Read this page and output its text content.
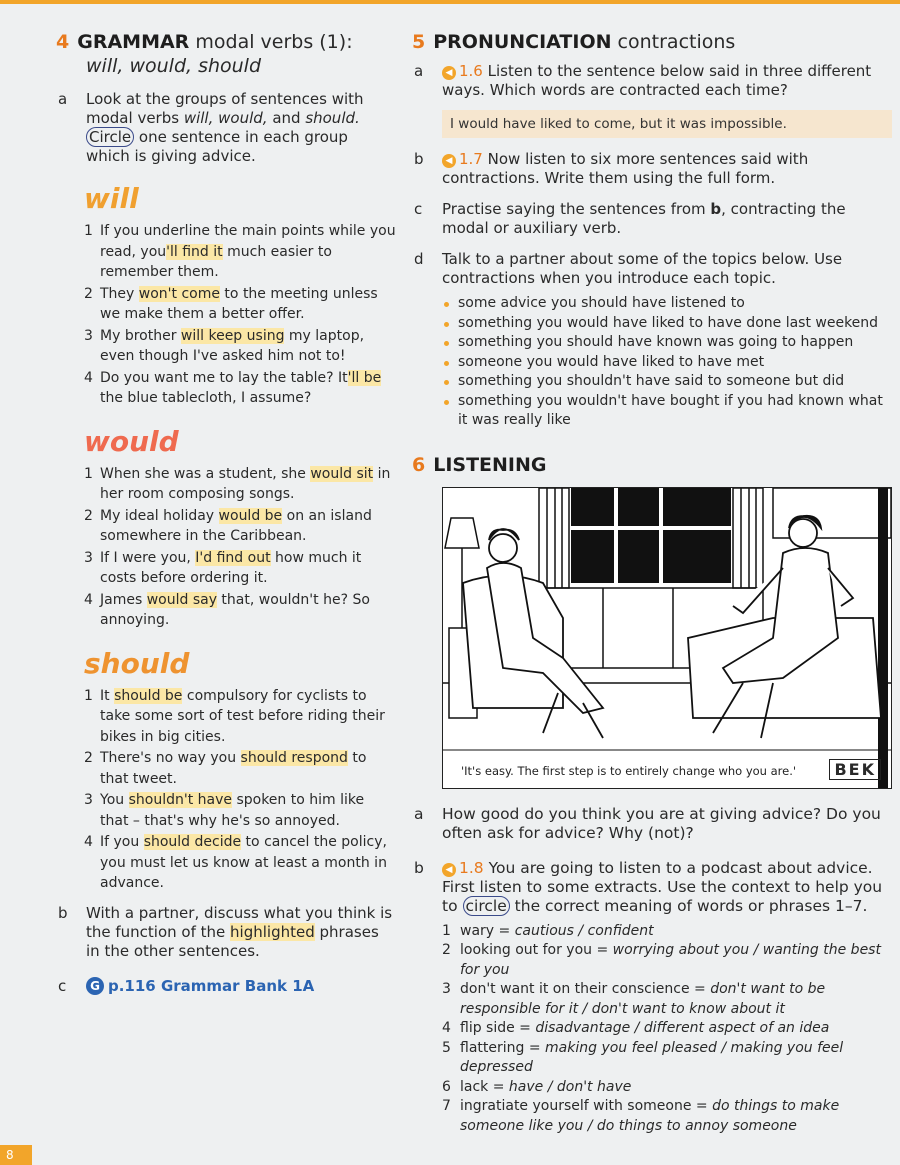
4 GRAMMAR modal verbs (1):
will, would, should
a Look at the groups of sentences with modal verbs will, would, and should. Circle one sentence in each group which is giving advice.
will
1 If you underline the main points while you read, you'll find it much easier to remember them.
2 They won't come to the meeting unless we make them a better offer.
3 My brother will keep using my laptop, even though I've asked him not to!
4 Do you want me to lay the table? It'll be the blue tablecloth, I assume?
would
1 When she was a student, she would sit in her room composing songs.
2 My ideal holiday would be on an island somewhere in the Caribbean.
3 If I were you, I'd find out how much it costs before ordering it.
4 James would say that, wouldn't he? So annoying.
should
1 It should be compulsory for cyclists to take some sort of test before riding their bikes in big cities.
2 There's no way you should respond to that tweet.
3 You shouldn't have spoken to him like that – that's why he's so annoyed.
4 If you should decide to cancel the policy, you must let us know at least a month in advance.
b With a partner, discuss what you think is the function of the highlighted phrases in the other sentences.
c G p.116 Grammar Bank 1A
5 PRONUNCIATION contractions
a ◀ 1.6 Listen to the sentence below said in three different ways. Which words are contracted each time?
I would have liked to come, but it was impossible.
b ◀ 1.7 Now listen to six more sentences said with contractions. Write them using the full form.
c Practise saying the sentences from b, contracting the modal or auxiliary verb.
d Talk to a partner about some of the topics below. Use contractions when you introduce each topic.
some advice you should have listened to
something you would have liked to have done last weekend
something you should have known was going to happen
someone you would have liked to have met
something you shouldn't have said to someone but did
something you wouldn't have bought if you had known what it was really like
6 LISTENING
'It's easy. The first step is to entirely change who you are.'	BEK
a How good do you think you are at giving advice? Do you often ask for advice? Why (not)?
b ◀ 1.8 You are going to listen to a podcast about advice. First listen to some extracts. Use the context to help you to circle the correct meaning of words or phrases 1–7.
1 wary = cautious / confident
2 looking out for you = worrying about you / wanting the best for you
3 don't want it on their conscience = don't want to be responsible for it / don't want to know about it
4 flip side = disadvantage / different aspect of an idea
5 flattering = making you feel pleased / making you feel depressed
6 lack = have / don't have
7 ingratiate yourself with someone = do things to make someone like you / do things to annoy someone
8
